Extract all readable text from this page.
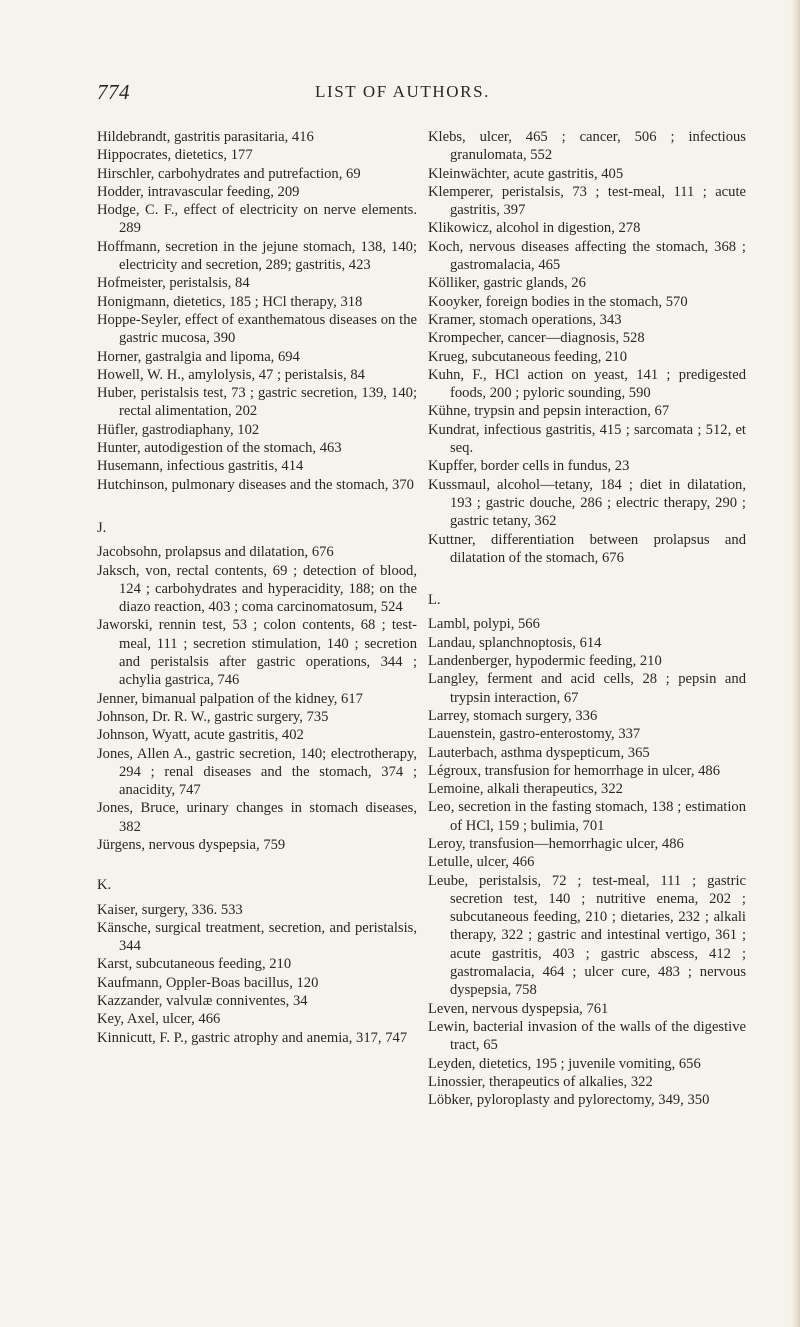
774	LIST OF AUTHORS.

Hildebrandt, gastritis parasitaria, 416

Hippocrates, dietetics, 177

Hirschler, carbohydrates and putrefaction, 69

Hodder, intravascular feeding, 209

Hodge, C. F., effect of electricity on nerve elements. 289

Hoffmann, secretion in the jejune stomach, 138, 140; electricity and secretion, 289; gastritis, 423

Hofmeister, peristalsis, 84

Honigmann, dietetics, 185 ; HCl therapy, 318

Hoppe-Seyler, effect of exanthematous diseases on the gastric mucosa, 390

Horner, gastralgia and lipoma, 694

Howell, W. H., amylolysis, 47 ; peristalsis, 84

Huber, peristalsis test, 73 ; gastric secretion, 139, 140; rectal alimentation, 202

Hüfler, gastrodiaphany, 102

Hunter, autodigestion of the stomach, 463

Husemann, infectious gastritis, 414

Hutchinson, pulmonary diseases and the stomach, 370

J.

Jacobsohn, prolapsus and dilatation, 676

Jaksch, von, rectal contents, 69 ; detection of blood, 124 ; carbohydrates and hyperacidity, 188; on the diazo reaction, 403 ; coma carcinomatosum, 524

Jaworski, rennin test, 53 ; colon contents, 68 ; test-meal, 111 ; secretion stimulation, 140 ; secretion and peristalsis after gastric operations, 344 ; achylia gastrica, 746

Jenner, bimanual palpation of the kidney, 617

Johnson, Dr. R. W., gastric surgery, 735

Johnson, Wyatt, acute gastritis, 402

Jones, Allen A., gastric secretion, 140; electrotherapy, 294 ; renal diseases and the stomach, 374 ; anacidity, 747

Jones, Bruce, urinary changes in stomach diseases, 382

Jürgens, nervous dyspepsia, 759

K.

Kaiser, surgery, 336. 533

Känsche, surgical treatment, secretion, and peristalsis, 344

Karst, subcutaneous feeding, 210

Kaufmann, Oppler-Boas bacillus, 120

Kazzander, valvulæ conniventes, 34

Key, Axel, ulcer, 466

Kinnicutt, F. P., gastric atrophy and anemia, 317, 747

Klebs, ulcer, 465 ; cancer, 506 ; infectious granulomata, 552

Kleinwächter, acute gastritis, 405

Klemperer, peristalsis, 73 ; test-meal, 111 ; acute gastritis, 397

Klikowicz, alcohol in digestion, 278

Koch, nervous diseases affecting the stomach, 368 ; gastromalacia, 465

Kölliker, gastric glands, 26

Kooyker, foreign bodies in the stomach, 570

Kramer, stomach operations, 343

Krompecher, cancer—diagnosis, 528

Krueg, subcutaneous feeding, 210

Kuhn, F., HCl action on yeast, 141 ; predigested foods, 200 ; pyloric sounding, 590

Kühne, trypsin and pepsin interaction, 67

Kundrat, infectious gastritis, 415 ; sarcomata ; 512, et seq.

Kupffer, border cells in fundus, 23

Kussmaul, alcohol—tetany, 184 ; diet in dilatation, 193 ; gastric douche, 286 ; electric therapy, 290 ; gastric tetany, 362

Kuttner, differentiation between prolapsus and dilatation of the stomach, 676

L.

Lambl, polypi, 566

Landau, splanchnoptosis, 614

Landenberger, hypodermic feeding, 210

Langley, ferment and acid cells, 28 ; pepsin and trypsin interaction, 67

Larrey, stomach surgery, 336

Lauenstein, gastro-enterostomy, 337

Lauterbach, asthma dyspepticum, 365

Légroux, transfusion for hemorrhage in ulcer, 486

Lemoine, alkali therapeutics, 322

Leo, secretion in the fasting stomach, 138 ; estimation of HCl, 159 ; bulimia, 701

Leroy, transfusion—hemorrhagic ulcer, 486

Letulle, ulcer, 466

Leube, peristalsis, 72 ; test-meal, 111 ; gastric secretion test, 140 ; nutritive enema, 202 ; subcutaneous feeding, 210 ; dietaries, 232 ; alkali therapy, 322 ; gastric and intestinal vertigo, 361 ; acute gastritis, 403 ; gastric abscess, 412 ; gastromalacia, 464 ; ulcer cure, 483 ; nervous dyspepsia, 758

Leven, nervous dyspepsia, 761

Lewin, bacterial invasion of the walls of the digestive tract, 65

Leyden, dietetics, 195 ; juvenile vomiting, 656

Linossier, therapeutics of alkalies, 322

Löbker, pyloroplasty and pylorectomy, 349, 350
